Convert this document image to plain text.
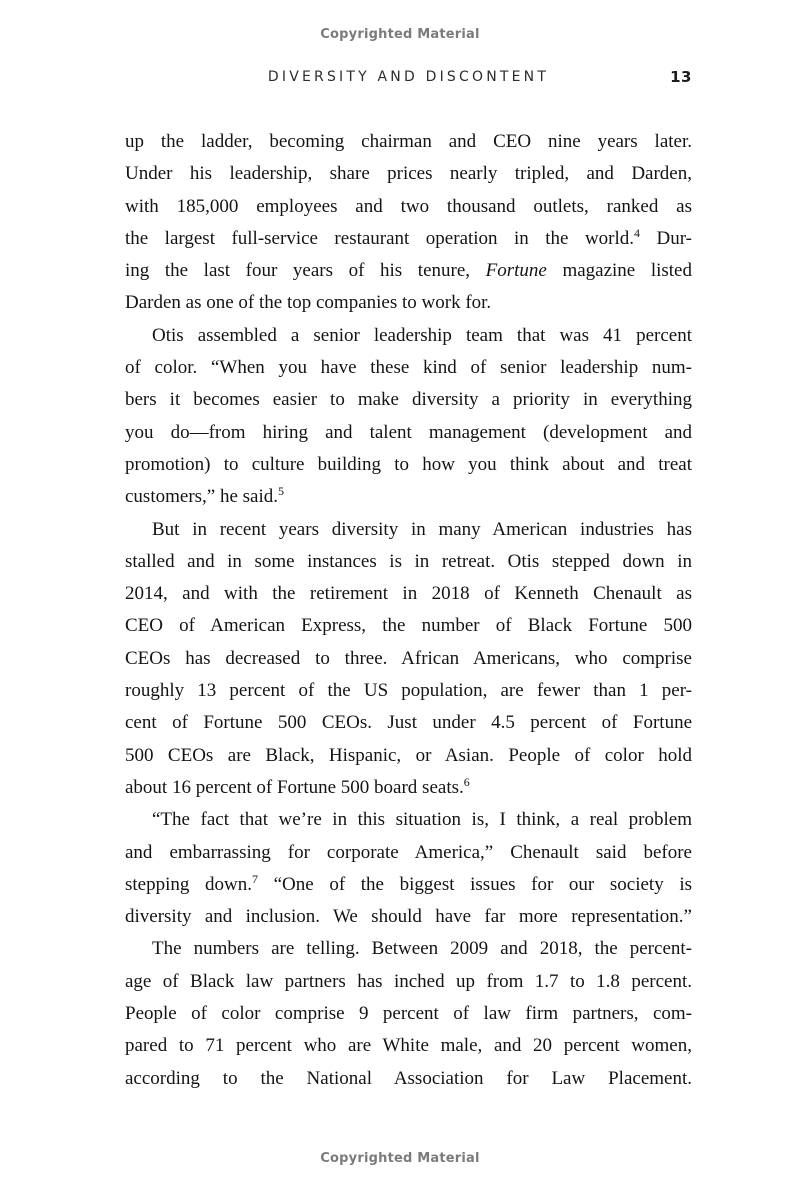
Copyrighted Material
DIVERSITY AND DISCONTENT	13
up the ladder, becoming chairman and CEO nine years later.
Under his leadership, share prices nearly tripled, and Darden,
with 185,000 employees and two thousand outlets, ranked as
the largest full-service restaurant operation in the world.$^4$ Dur-
ing the last four years of his tenure, Fortune magazine listed
Darden as one of the top companies to work for.
Otis assembled a senior leadership team that was 41 percent
of color. “When you have these kind of senior leadership num-
bers it becomes easier to make diversity a priority in everything
you do—from hiring and talent management (development and
promotion) to culture building to how you think about and treat
customers,” he said.$^5$
But in recent years diversity in many American industries has
stalled and in some instances is in retreat. Otis stepped down in
2014, and with the retirement in 2018 of Kenneth Chenault as
CEO of American Express, the number of Black Fortune 500
CEOs has decreased to three. African Americans, who comprise
roughly 13 percent of the US population, are fewer than 1 per-
cent of Fortune 500 CEOs. Just under 4.5 percent of Fortune
500 CEOs are Black, Hispanic, or Asian. People of color hold
about 16 percent of Fortune 500 board seats.$^6$
“The fact that we’re in this situation is, I think, a real problem
and embarrassing for corporate America,” Chenault said before
stepping down.$^7$ “One of the biggest issues for our society is
diversity and inclusion. We should have far more representation.”
The numbers are telling. Between 2009 and 2018, the percent-
age of Black law partners has inched up from 1.7 to 1.8 percent.
People of color comprise 9 percent of law firm partners, com-
pared to 71 percent who are White male, and 20 percent women,
according to the National Association for Law Placement.
Copyrighted Material
